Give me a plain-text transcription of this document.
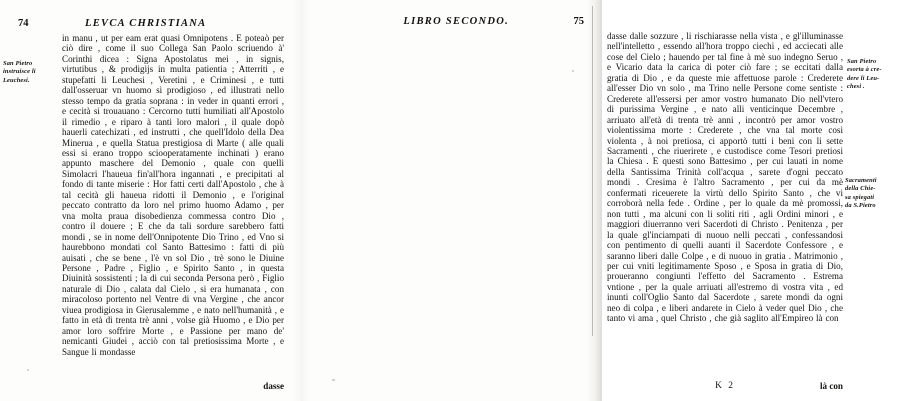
74	LEVCA CHRISTIANA

in manu , ut per eam erat quasi Omnipotens . E poteaò per ciò dire , come il suo Collega San Paolo scriuendo à' Corinthi dicea : Signa Apostolatus mei , in signis, virtutibus , & prodigijs in multa patientia ; Atterriti , e stupefatti li Leuchesi , Veretini , e Criminesi , e tutti dall'osseruar vn huomo sì prodigioso , ed illustrati nello stesso tempo da gratia soprana : in veder in quanti errori , e cecità si trouauano : Cercorno tutti humiliati all'Apostolo il rimedio , e riparo à tanti loro malori , il quale dopò hauerli catechizati , ed instrutti , che quell'Idolo della Dea Minerua , e quella Statua prestigiosa di Marte ( alle quali essi si erano troppo sciooperatamente inchinati ) erano appunto maschere del Demonio , quale con quelli Simolacri l'haueua fin'all'hora ingannati , e precipitati al fondo di tante miserie : Hor fatti certi dall'Apostolo , che à tal cecità gli haueua ridotti il Demonio , e l'original peccato contratto da loro nel primo huomo Adamo , per vna molta praua disobedienza commessa contro Dio , contro il douere ; E che da tali sordure sarebbero fatti mondi , se in nome dell'Onnipotente Dio Trino , ed Vno si haurebbono mondati col Santo Battesimo : fatti di più auisati , che se bene , l'è vn sol Dio , trè sono le Diuine Persone , Padre , Figlio , e Spirito Santo , in questa Diuinità sossistenti ; la di cui seconda Persona però , Figlio naturale di Dio , calata dal Cielo , si era humanata , con miracoloso portento nel Ventre di vna Vergine , che ancor viuea prodigiosa in Gierusalemme , e nato nell'humanità , e fatto in età di trenta trè anni , volse già Huomo , e Dio per amor loro soffrire Morte , e Passione per mano de' nemicanti Giudei , acciò con tal pretiosissima Morte , e Sangue li mondasse

San Pietro
instruisce li
Leuchesi.
dasse
LIBRO SECONDO.	75

dasse dalle sozzure , li rischiarasse nella vista , e gl'illuminasse nell'intelletto , essendo all'hora troppo ciechi , ed acciecati alle cose del Cielo ; hauendo per tal fine à mè suo indegno Seruo , e Vicario data la carica di poter ciò fare ; se eccitati dalla gratia di Dio , e da queste mie affettuose parole : Crederete all'esser Dio vn solo , ma Trino nelle Persone come sentiste : Crederete all'essersi per amor vostro humanato Dio nell'vtero di purissima Vergine , e nato alli venticinque Decembre , arriuato all'età di trenta trè anni , incontrò per amor vostro violentissima morte : Crederete , che vna tal morte così violenta , à noi pretiosa, ci apportò tutti i beni con li sette Sacramenti , che riuerirete , e custodisce come Tesori pretiosi la Chiesa . E questi sono Battesimo , per cui lauati in nome della Santissima Trinità coll'acqua , sarete d'ogni peccato mondi . Cresima è l'altro Sacramento , per cui da mè confermati riceuerete la virtù dello Spirito Santo , che vi corroborà nella fede . Ordine , per lo quale da mè promossi, non tutti , ma alcuni con li soliti riti , agli Ordini minori , e maggiori diuerranno veri Sacerdoti di Christo . Penitenza , per la quale gl'inciampati di nuouo nelli peccati , confessandosi con pentimento di quelli auanti il Sacerdote Confessore , e saranno liberi dalle Colpe , e di nuouo in gratia . Matrimonio , per cui vniti legitimamente Sposo , e Sposa in gratia di Dio, proueranno congiunti l'effetto del Sacramento . Estrema vntione , per la quale arriuati all'estremo di vostra vita , ed inunti coll'Oglio Santo dal Sacerdote , sarete mondi da ogni neo di colpa , e liberi andarete in Cielo à veder quel Dio , che tanto vi ama , quel Christo , che già saglito all'Empireo là con

San Pietro
esorta à cre-
dere li Leu-
chesi .
Sacramenti
della Chie-
sa spiegati
da S.Pietro
K 2	là con
